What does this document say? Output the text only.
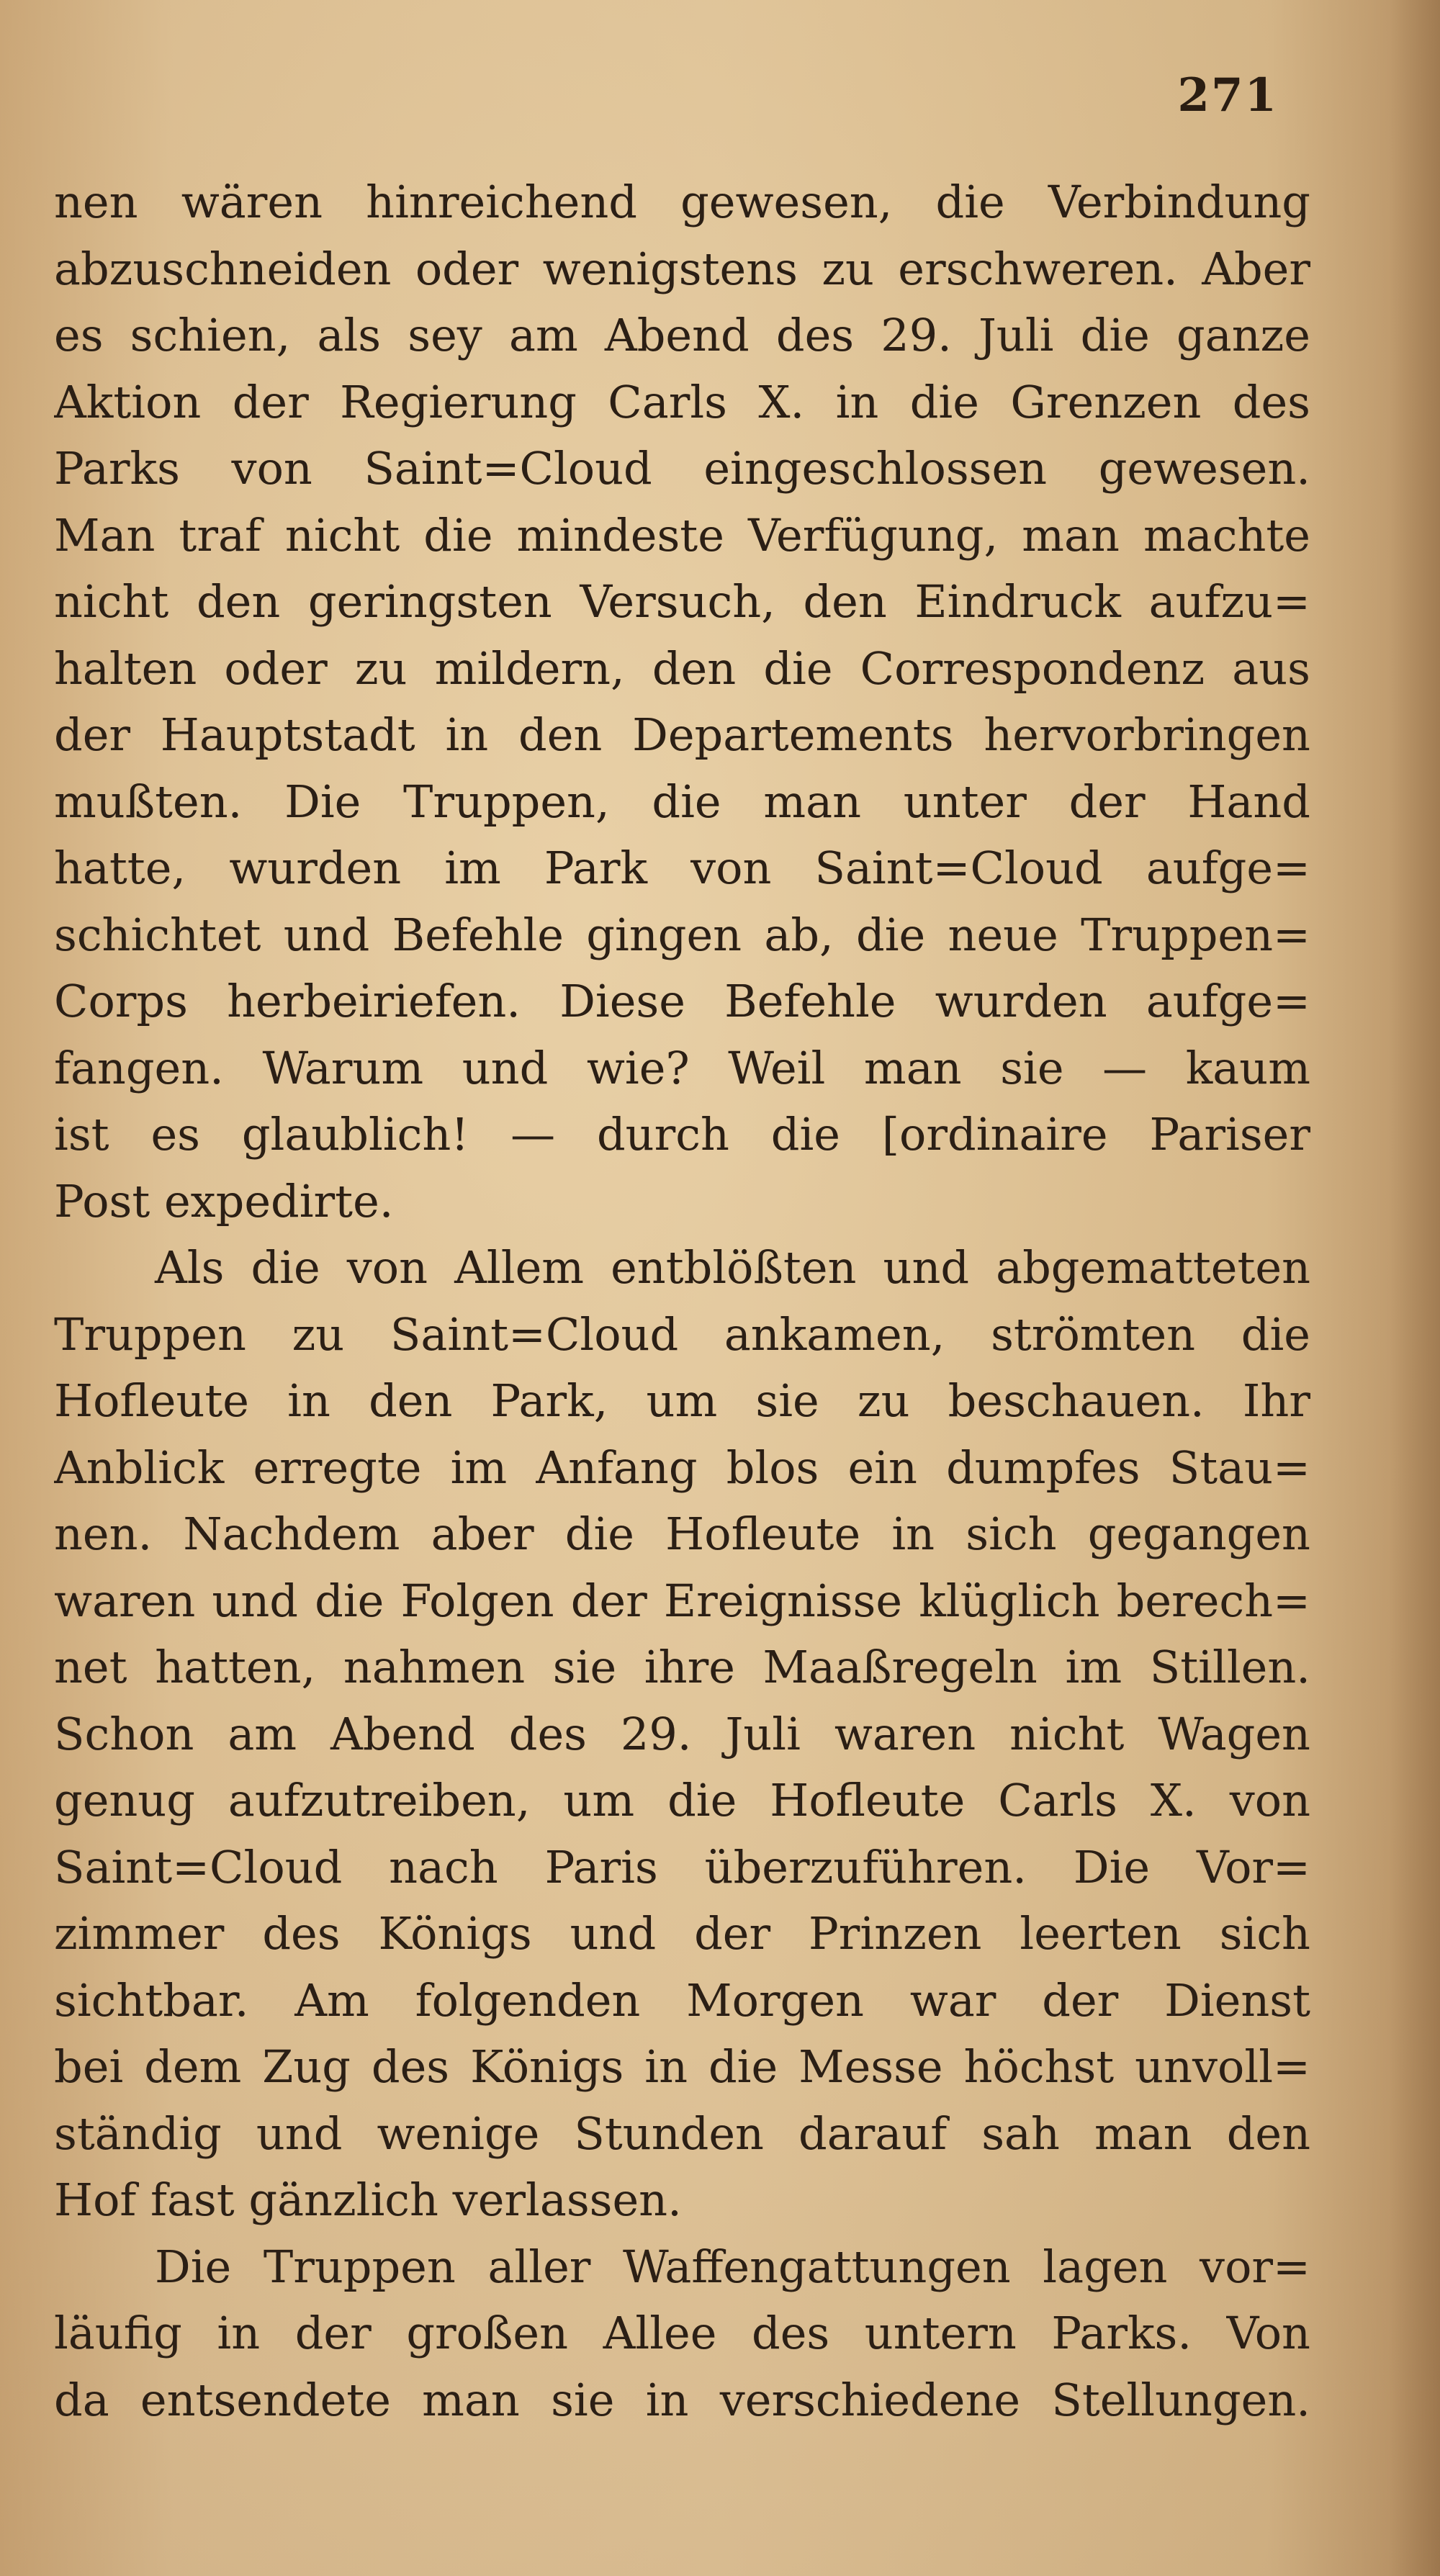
271
nen wären hinreichend gewesen, die Verbindung
abzuschneiden oder wenigstens zu erschweren. Aber
es schien, als sey am Abend des 29. Juli die ganze
Aktion der Regierung Carls X. in die Grenzen des
Parks von Saint=Cloud eingeschlossen gewesen.
Man traf nicht die mindeste Verfügung, man machte
nicht den geringsten Versuch, den Eindruck aufzu=
halten oder zu mildern, den die Correspondenz aus
der Hauptstadt in den Departements hervorbringen
mußten. Die Truppen, die man unter der Hand
hatte, wurden im Park von Saint=Cloud aufge=
schichtet und Befehle gingen ab, die neue Truppen=
Corps herbeiriefen. Diese Befehle wurden aufge=
fangen. Warum und wie? Weil man sie — kaum
ist es glaublich! — durch die [ordinaire Pariser
Post expedirte.
Als die von Allem entblößten und abgematteten
Truppen zu Saint=Cloud ankamen, strömten die
Hofleute in den Park, um sie zu beschauen. Ihr
Anblick erregte im Anfang blos ein dumpfes Stau=
nen. Nachdem aber die Hofleute in sich gegangen
waren und die Folgen der Ereignisse klüglich berech=
net hatten, nahmen sie ihre Maaßregeln im Stillen.
Schon am Abend des 29. Juli waren nicht Wagen
genug aufzutreiben, um die Hofleute Carls X. von
Saint=Cloud nach Paris überzuführen. Die Vor=
zimmer des Königs und der Prinzen leerten sich
sichtbar. Am folgenden Morgen war der Dienst
bei dem Zug des Königs in die Messe höchst unvoll=
ständig und wenige Stunden darauf sah man den
Hof fast gänzlich verlassen.
Die Truppen aller Waffengattungen lagen vor=
läufig in der großen Allee des untern Parks. Von
da entsendete man sie in verschiedene Stellungen.
